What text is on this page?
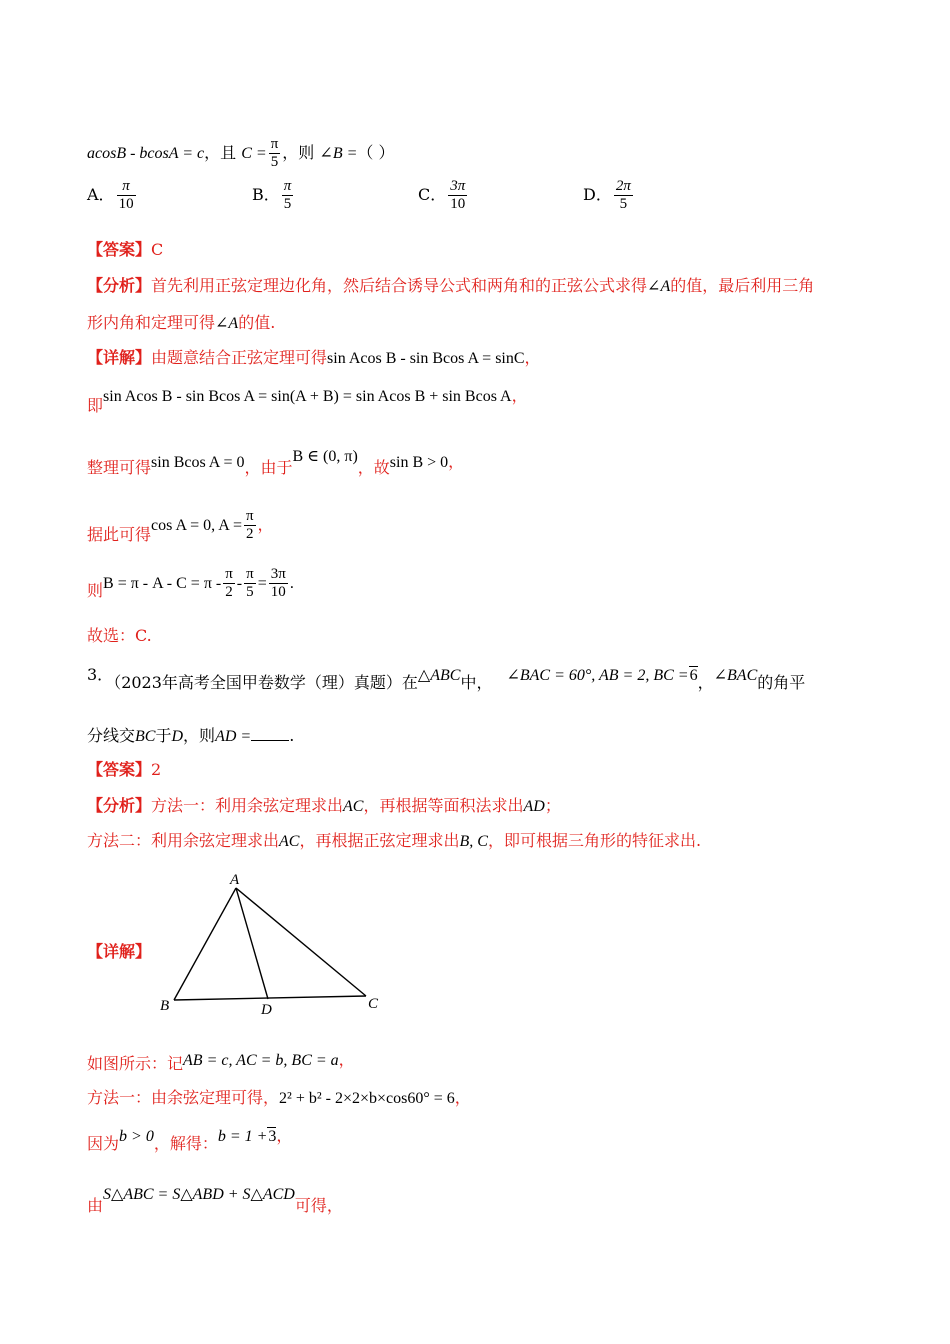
acosB - bcosA = c，且 $C = \frac{\pi}{5}$ ，则 ∠B =（ ）
A． $\frac{\pi}{10}$	B． $\frac{\pi}{5}$	C． $\frac{3\pi}{10}$	D． $\frac{2\pi}{5}$
【答案】C
【分析】首先利用正弦定理边化角，然后结合诱导公式和两角和的正弦公式求得∠A的值，最后利用三角
形内角和定理可得∠A的值.
【详解】由题意结合正弦定理可得sin Acos B - sin Bcos A = sinC，
即sin Acos B - sin Bcos A = sin(A + B) = sin Acos B + sin Bcos A，
整理可得sin Bcos A = 0，由于B ∈ (0, π)，故sin B > 0，
据此可得cos A = 0, $A = \frac{\pi}{2}$ ，
则$B = \pi - A - C = \pi - \frac{\pi}{2} - \frac{\pi}{5} = \frac{3\pi}{10}$ .
故选：C.
3．（2023年高考全国甲卷数学（理）真题）在△ABC中， ∠BAC = 60°, AB = 2, BC =6，∠BAC的角平
分线交BC于D，则AD = .
【答案】2
【分析】方法一：利用余弦定理求出AC，再根据等面积法求出AD；
方法二：利用余弦定理求出AC，再根据正弦定理求出B, C，即可根据三角形的特征求出.
【详解】
A
B	D	C
如图所示：记AB = c, AC = b, BC = a，
方法一：由余弦定理可得，2² + b² - 2×2×b×cos60° = 6，
因为b > 0，解得：b = 1 +3，
由S△ABC = S△ABD + S△ACD可得，
